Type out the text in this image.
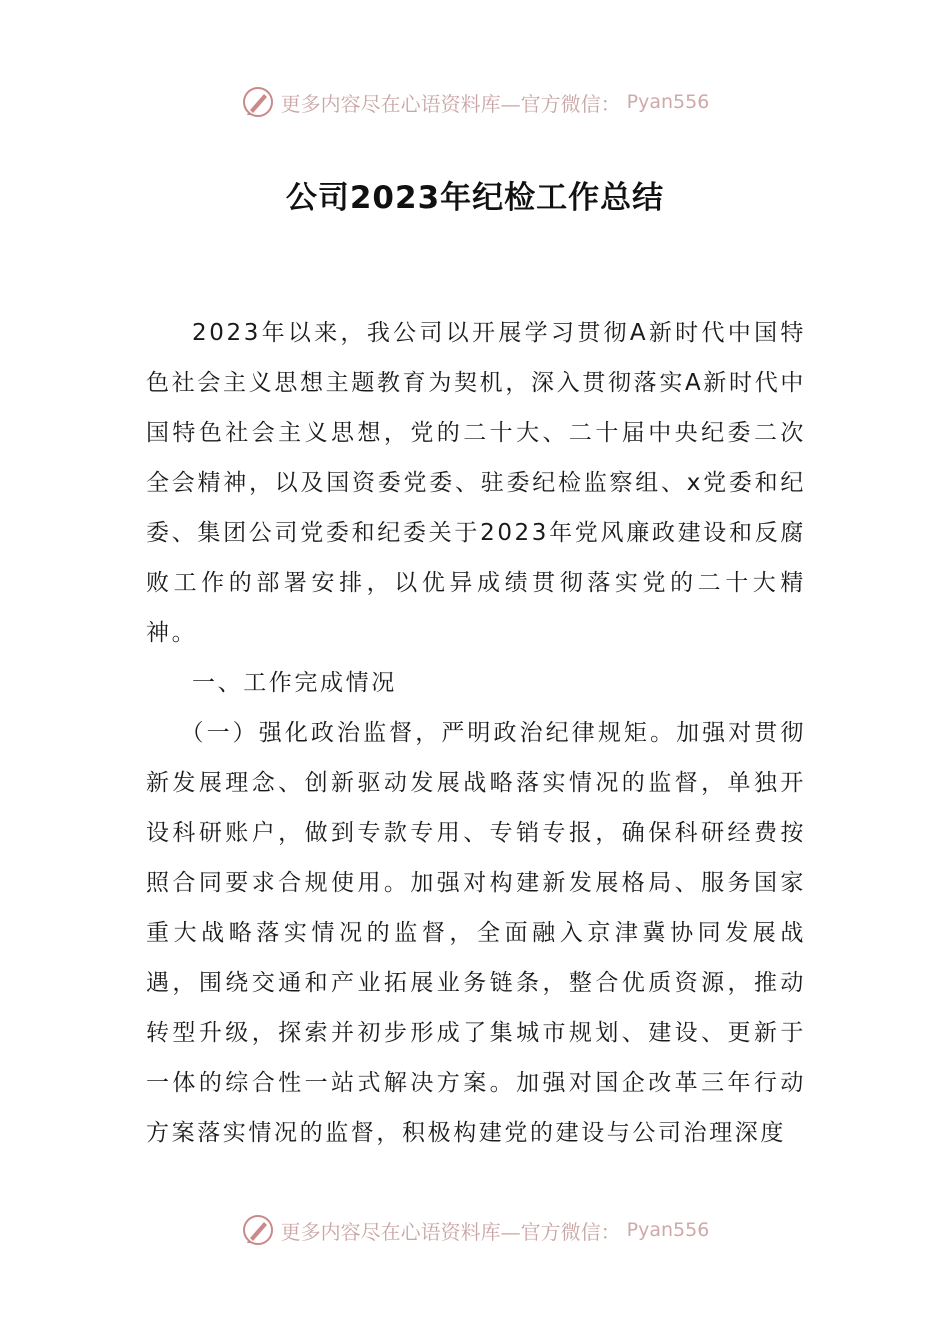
更多内容尽在心语资料库—官方微信： Pyan556
公司2023年纪检工作总结

2023年以来，我公司以开展学习贯彻A新时代中国特色社会主义思想主题教育为契机，深入贯彻落实A新时代中国特色社会主义思想，党的二十大、二十届中央纪委二次全会精神，以及国资委党委、驻委纪检监察组、x党委和纪委、集团公司党委和纪委关于2023年党风廉政建设和反腐败工作的部署安排，以优异成绩贯彻落实党的二十大精神。

一、工作完成情况

（一）强化政治监督，严明政治纪律规矩。加强对贯彻新发展理念、创新驱动发展战略落实情况的监督，单独开设科研账户，做到专款专用、专销专报，确保科研经费按照合同要求合规使用。加强对构建新发展格局、服务国家重大战略落实情况的监督，全面融入京津冀协同发展战遇，围绕交通和产业拓展业务链条，整合优质资源，推动转型升级，探索并初步形成了集城市规划、建设、更新于一体的综合性一站式解决方案。加强对国企改革三年行动方案落实情况的监督，积极构建党的建设与公司治理深度

更多内容尽在心语资料库—官方微信： Pyan556
